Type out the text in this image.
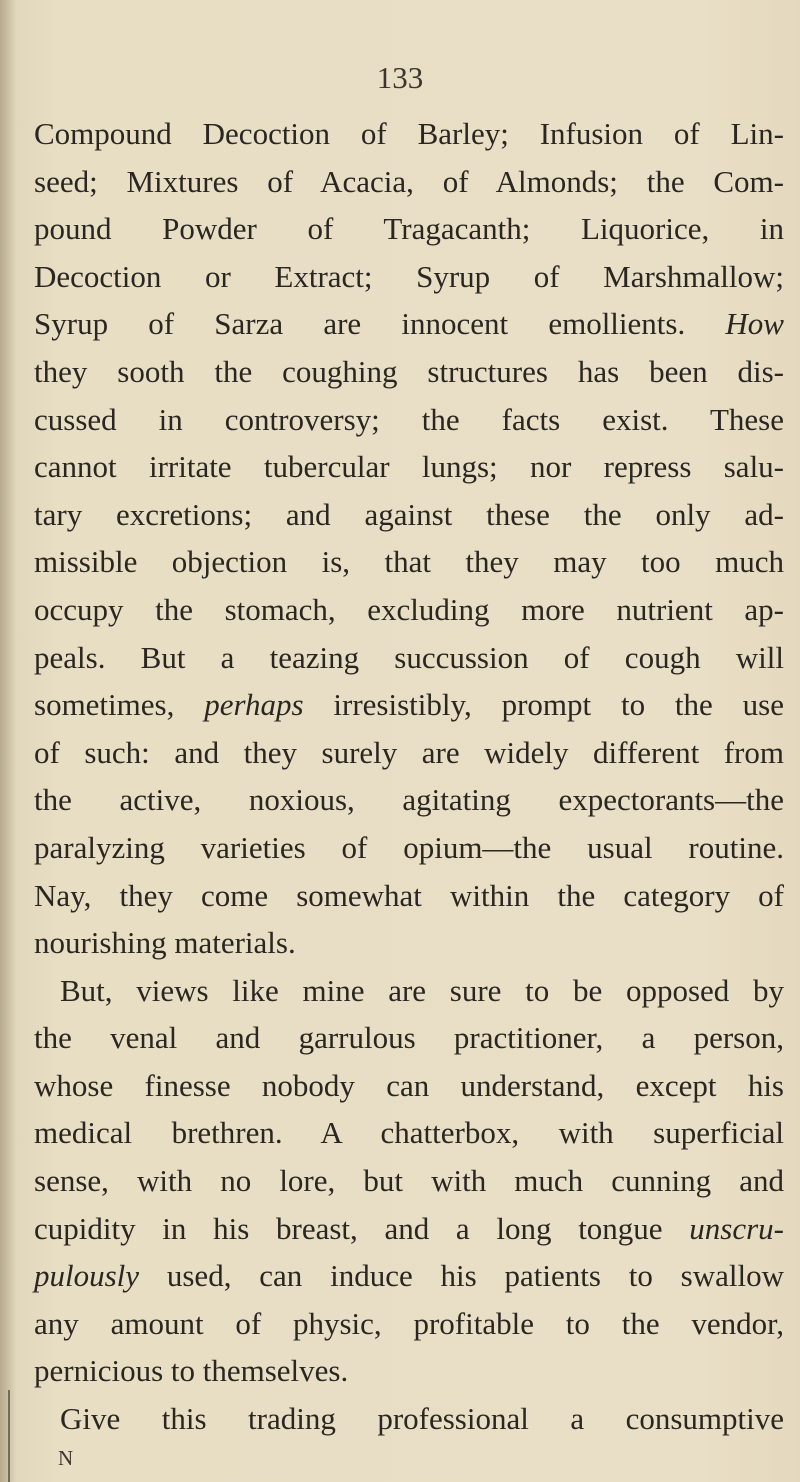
133
Compound Decoction of Barley; Infusion of Lin-
seed; Mixtures of Acacia, of Almonds; the Com-
pound Powder of Tragacanth; Liquorice, in
Decoction or Extract; Syrup of Marshmallow;
Syrup of Sarza are innocent emollients. How
they sooth the coughing structures has been dis-
cussed in controversy; the facts exist. These
cannot irritate tubercular lungs; nor repress salu-
tary excretions; and against these the only ad-
missible objection is, that they may too much
occupy the stomach, excluding more nutrient ap-
peals. But a teazing succussion of cough will
sometimes, perhaps irresistibly, prompt to the use
of such: and they surely are widely different from
the active, noxious, agitating expectorants—the
paralyzing varieties of opium—the usual routine.
Nay, they come somewhat within the category of
nourishing materials.
But, views like mine are sure to be opposed by
the venal and garrulous practitioner, a person,
whose finesse nobody can understand, except his
medical brethren. A chatterbox, with superficial
sense, with no lore, but with much cunning and
cupidity in his breast, and a long tongue unscru-
pulously used, can induce his patients to swallow
any amount of physic, profitable to the vendor,
pernicious to themselves.
Give this trading professional a consumptive
N
